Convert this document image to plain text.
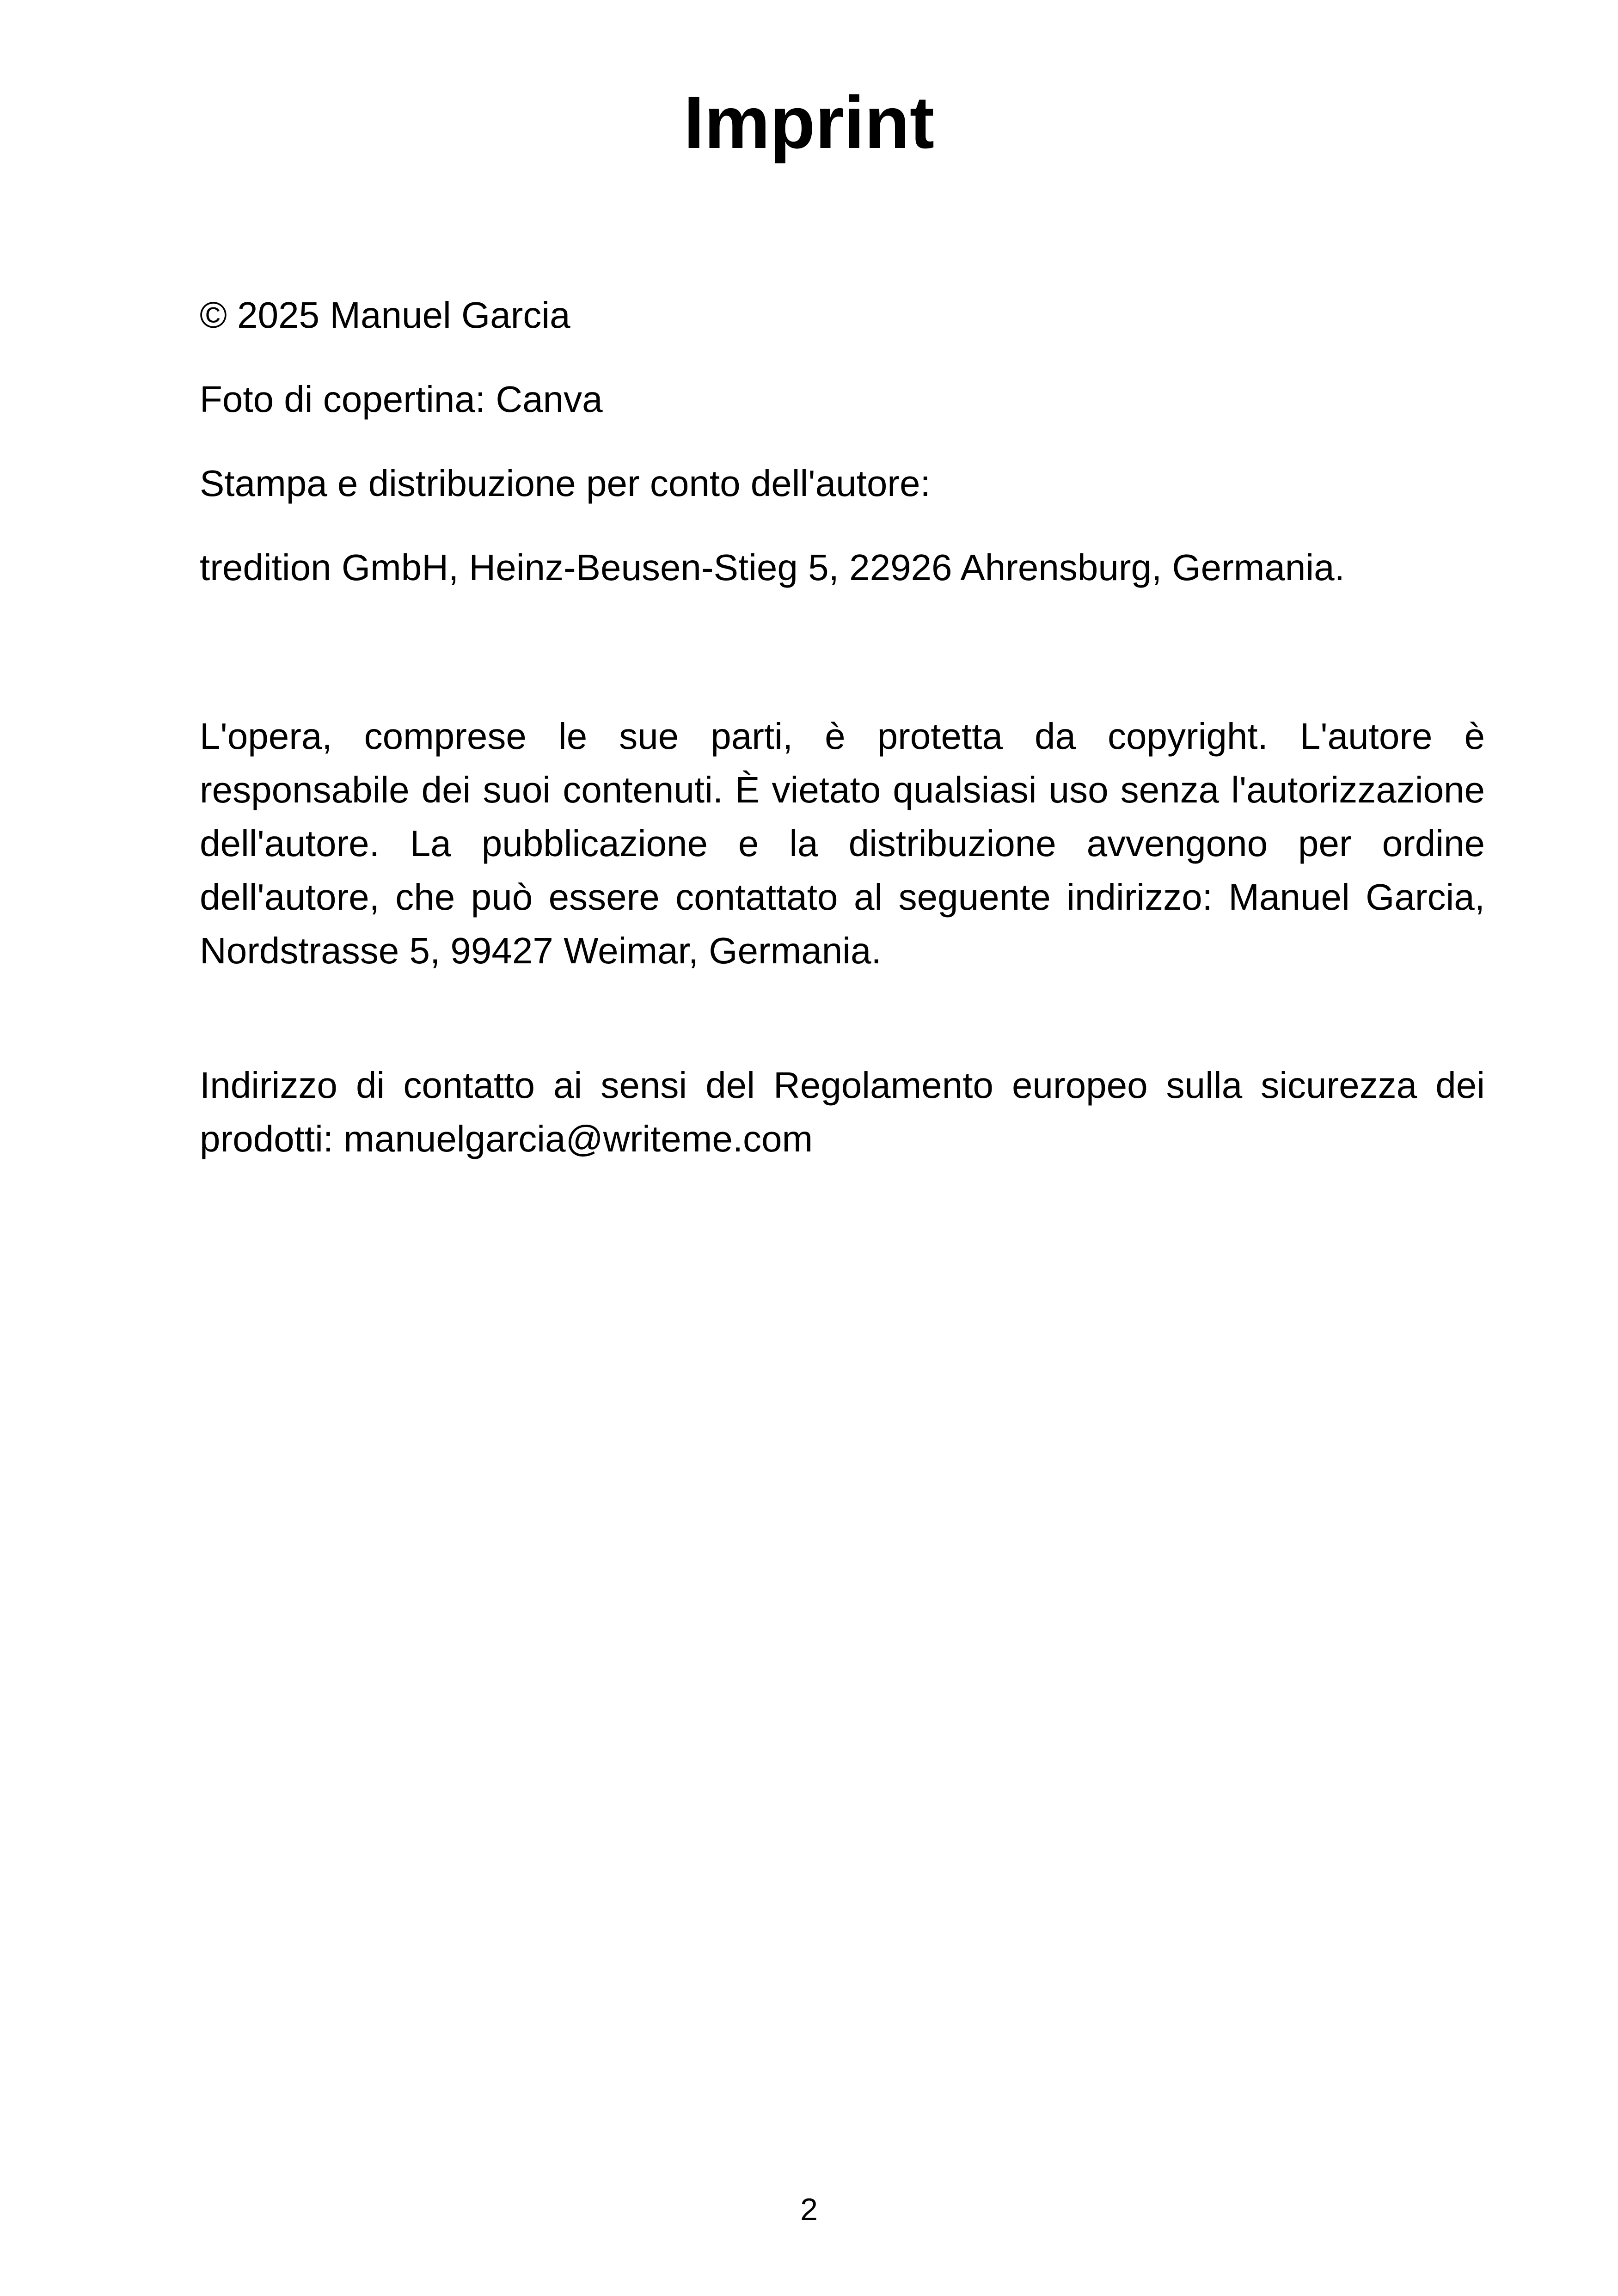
Imprint

© 2025 Manuel Garcia

Foto di copertina: Canva

Stampa e distribuzione per conto dell'autore:

tredition GmbH, Heinz-Beusen-Stieg 5, 22926 Ahrensburg, Germania.

L'opera, comprese le sue parti, è protetta da copyright. L'autore è responsabile dei suoi contenuti. È vietato qualsiasi uso senza l'autorizzazione dell'autore. La pubblicazione e la distribuzione avvengono per ordine dell'autore, che può essere contattato al seguente indirizzo: Manuel Garcia, Nordstrasse 5, 99427 Weimar, Germania.

Indirizzo di contatto ai sensi del Regolamento europeo sulla sicurezza dei prodotti: manuelgarcia@writeme.com

2
